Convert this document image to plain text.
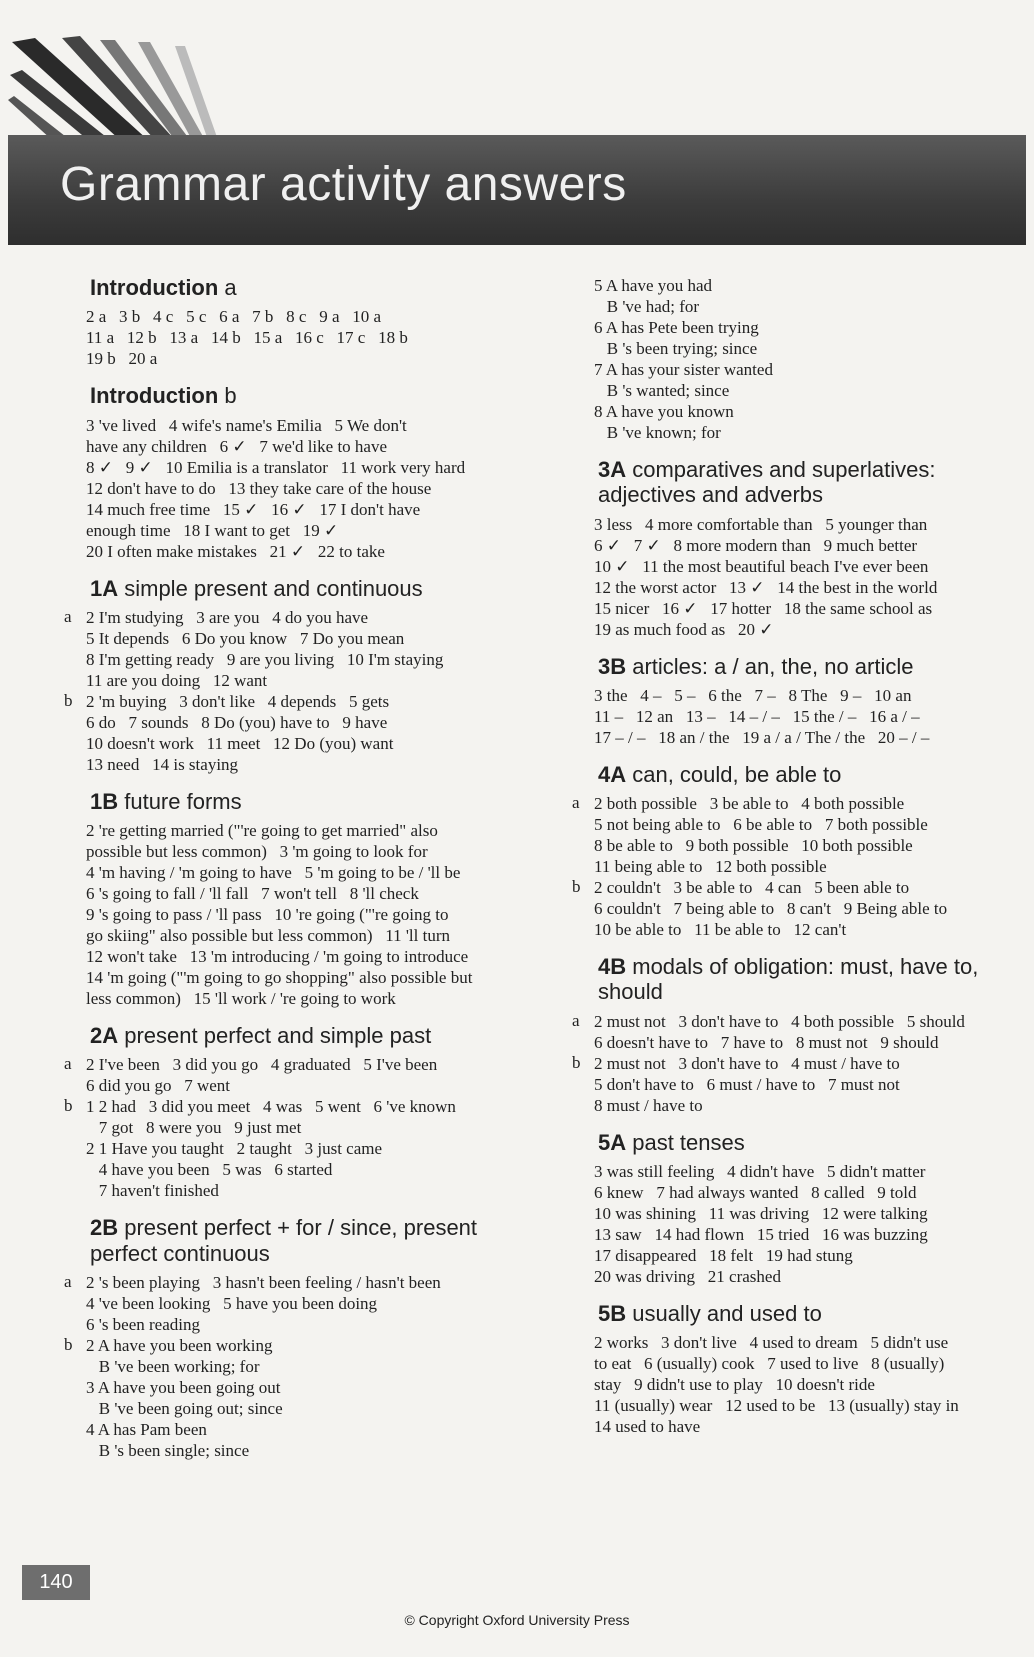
Grammar activity answers
Introduction a
2 a   3 b   4 c   5 c   6 a   7 b   8 c   9 a   10 a
11 a   12 b   13 a   14 b   15 a   16 c   17 c   18 b
19 b   20 a
Introduction b
3 've lived   4 wife's name's Emilia   5 We don't
have any children   6 ✓   7 we'd like to have
8 ✓   9 ✓   10 Emilia is a translator   11 work very hard
12 don't have to do   13 they take care of the house
14 much free time   15 ✓   16 ✓   17 I don't have
enough time   18 I want to get   19 ✓
20 I often make mistakes   21 ✓   22 to take
1A simple present and continuous
a 2 I'm studying   3 are you   4 do you have
5 It depends   6 Do you know   7 Do you mean
8 I'm getting ready   9 are you living   10 I'm staying
11 are you doing   12 want
b 2 'm buying   3 don't like   4 depends   5 gets
6 do   7 sounds   8 Do (you) have to   9 have
10 doesn't work   11 meet   12 Do (you) want
13 need   14 is staying
1B future forms
2 're getting married ("'re going to get married" also
possible but less common)   3 'm going to look for
4 'm having / 'm going to have   5 'm going to be / 'll be
6 's going to fall / 'll fall   7 won't tell   8 'll check
9 's going to pass / 'll pass   10 're going ("'re going to
go skiing" also possible but less common)   11 'll turn
12 won't take   13 'm introducing / 'm going to introduce
14 'm going ("'m going to go shopping" also possible but
less common)   15 'll work / 're going to work
2A present perfect and simple past
a 2 I've been   3 did you go   4 graduated   5 I've been
6 did you go   7 went
b 1 2 had   3 did you meet   4 was   5 went   6 've known
7 got   8 were you   9 just met
2 1 Have you taught   2 taught   3 just came
4 have you been   5 was   6 started
7 haven't finished
2B present perfect + for / since, present perfect continuous
a 2 's been playing   3 hasn't been feeling / hasn't been
4 've been looking   5 have you been doing
6 's been reading
b 2 A have you been working
B 've been working; for
3 A have you been going out
B 've been going out; since
4 A has Pam been
B 's been single; since
5 A have you had
B 've had; for
6 A has Pete been trying
B 's been trying; since
7 A has your sister wanted
B 's wanted; since
8 A have you known
B 've known; for
3A comparatives and superlatives: adjectives and adverbs
3 less   4 more comfortable than   5 younger than
6 ✓   7 ✓   8 more modern than   9 much better
10 ✓   11 the most beautiful beach I've ever been
12 the worst actor   13 ✓   14 the best in the world
15 nicer   16 ✓   17 hotter   18 the same school as
19 as much food as   20 ✓
3B articles: a / an, the, no article
3 the   4 –   5 –   6 the   7 –   8 The   9 –   10 an
11 –   12 an   13 –   14 – / –   15 the / –   16 a / –
17 – / –   18 an / the   19 a / a / The / the   20 – / –
4A can, could, be able to
a 2 both possible   3 be able to   4 both possible
5 not being able to   6 be able to   7 both possible
8 be able to   9 both possible   10 both possible
11 being able to   12 both possible
b 2 couldn't   3 be able to   4 can   5 been able to
6 couldn't   7 being able to   8 can't   9 Being able to
10 be able to   11 be able to   12 can't
4B modals of obligation: must, have to, should
a 2 must not   3 don't have to   4 both possible   5 should
6 doesn't have to   7 have to   8 must not   9 should
b 2 must not   3 don't have to   4 must / have to
5 don't have to   6 must / have to   7 must not
8 must / have to
5A past tenses
3 was still feeling   4 didn't have   5 didn't matter
6 knew   7 had always wanted   8 called   9 told
10 was shining   11 was driving   12 were talking
13 saw   14 had flown   15 tried   16 was buzzing
17 disappeared   18 felt   19 had stung
20 was driving   21 crashed
5B usually and used to
2 works   3 don't live   4 used to dream   5 didn't use
to eat   6 (usually) cook   7 used to live   8 (usually)
stay   9 didn't use to play   10 doesn't ride
11 (usually) wear   12 used to be   13 (usually) stay in
14 used to have
140
© Copyright Oxford University Press
